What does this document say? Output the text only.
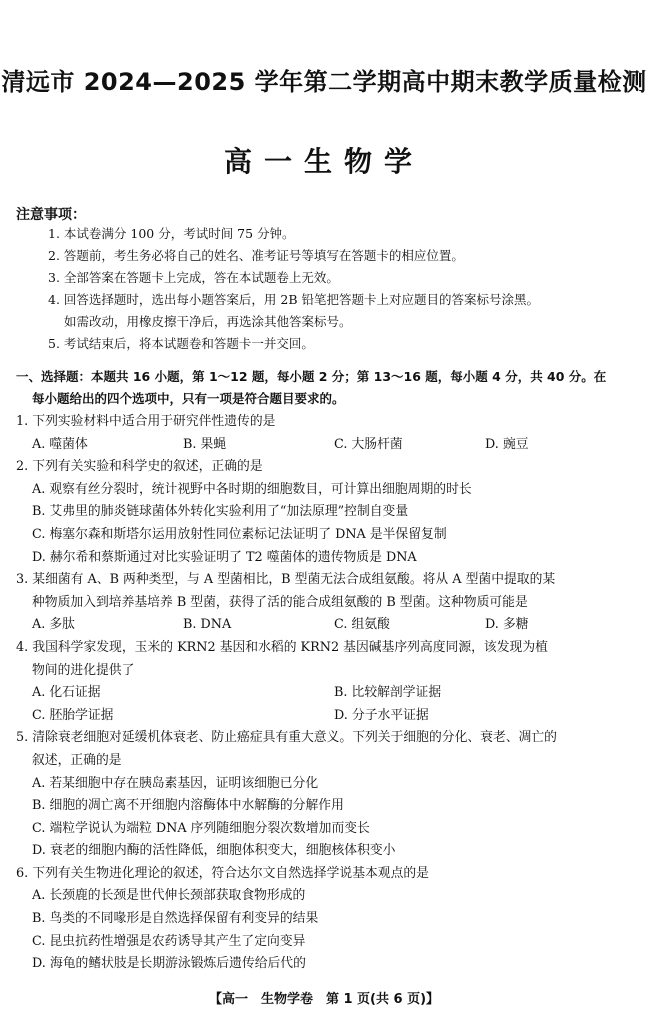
清远市 2024—2025 学年第二学期高中期末教学质量检测
高一生物学
注意事项：
1. 本试卷满分 100 分，考试时间 75 分钟。
2. 答题前，考生务必将自己的姓名、准考证号等填写在答题卡的相应位置。
3. 全部答案在答题卡上完成，答在本试题卷上无效。
4. 回答选择题时，选出每小题答案后，用 2B 铅笔把答题卡上对应题目的答案标号涂黑。
如需改动，用橡皮擦干净后，再选涂其他答案标号。
5. 考试结束后，将本试题卷和答题卡一并交回。
一、选择题：本题共 16 小题，第 1～12 题，每小题 2 分；第 13～16 题，每小题 4 分，共 40 分。在
每小题给出的四个选项中，只有一项是符合题目要求的。
1. 下列实验材料中适合用于研究伴性遗传的是
A. 噬菌体	B. 果蝇	C. 大肠杆菌	D. 豌豆
2. 下列有关实验和科学史的叙述，正确的是
A. 观察有丝分裂时，统计视野中各时期的细胞数目，可计算出细胞周期的时长
B. 艾弗里的肺炎链球菌体外转化实验利用了“加法原理”控制自变量
C. 梅塞尔森和斯塔尔运用放射性同位素标记法证明了 DNA 是半保留复制
D. 赫尔希和蔡斯通过对比实验证明了 T2 噬菌体的遗传物质是 DNA
3. 某细菌有 A、B 两种类型，与 A 型菌相比，B 型菌无法合成组氨酸。将从 A 型菌中提取的某
种物质加入到培养基培养 B 型菌，获得了活的能合成组氨酸的 B 型菌。这种物质可能是
A. 多肽	B. DNA	C. 组氨酸	D. 多糖
4. 我国科学家发现，玉米的 KRN2 基因和水稻的 KRN2 基因碱基序列高度同源，该发现为植
物间的进化提供了
A. 化石证据	B. 比较解剖学证据
C. 胚胎学证据	D. 分子水平证据
5. 清除衰老细胞对延缓机体衰老、防止癌症具有重大意义。下列关于细胞的分化、衰老、凋亡的
叙述，正确的是
A. 若某细胞中存在胰岛素基因，证明该细胞已分化
B. 细胞的凋亡离不开细胞内溶酶体中水解酶的分解作用
C. 端粒学说认为端粒 DNA 序列随细胞分裂次数增加而变长
D. 衰老的细胞内酶的活性降低，细胞体积变大，细胞核体积变小
6. 下列有关生物进化理论的叙述，符合达尔文自然选择学说基本观点的是
A. 长颈鹿的长颈是世代伸长颈部获取食物形成的
B. 鸟类的不同喙形是自然选择保留有利变异的结果
C. 昆虫抗药性增强是农药诱导其产生了定向变异
D. 海龟的鳍状肢是长期游泳锻炼后遗传给后代的
【高一　生物学卷　第 1 页(共 6 页)】
